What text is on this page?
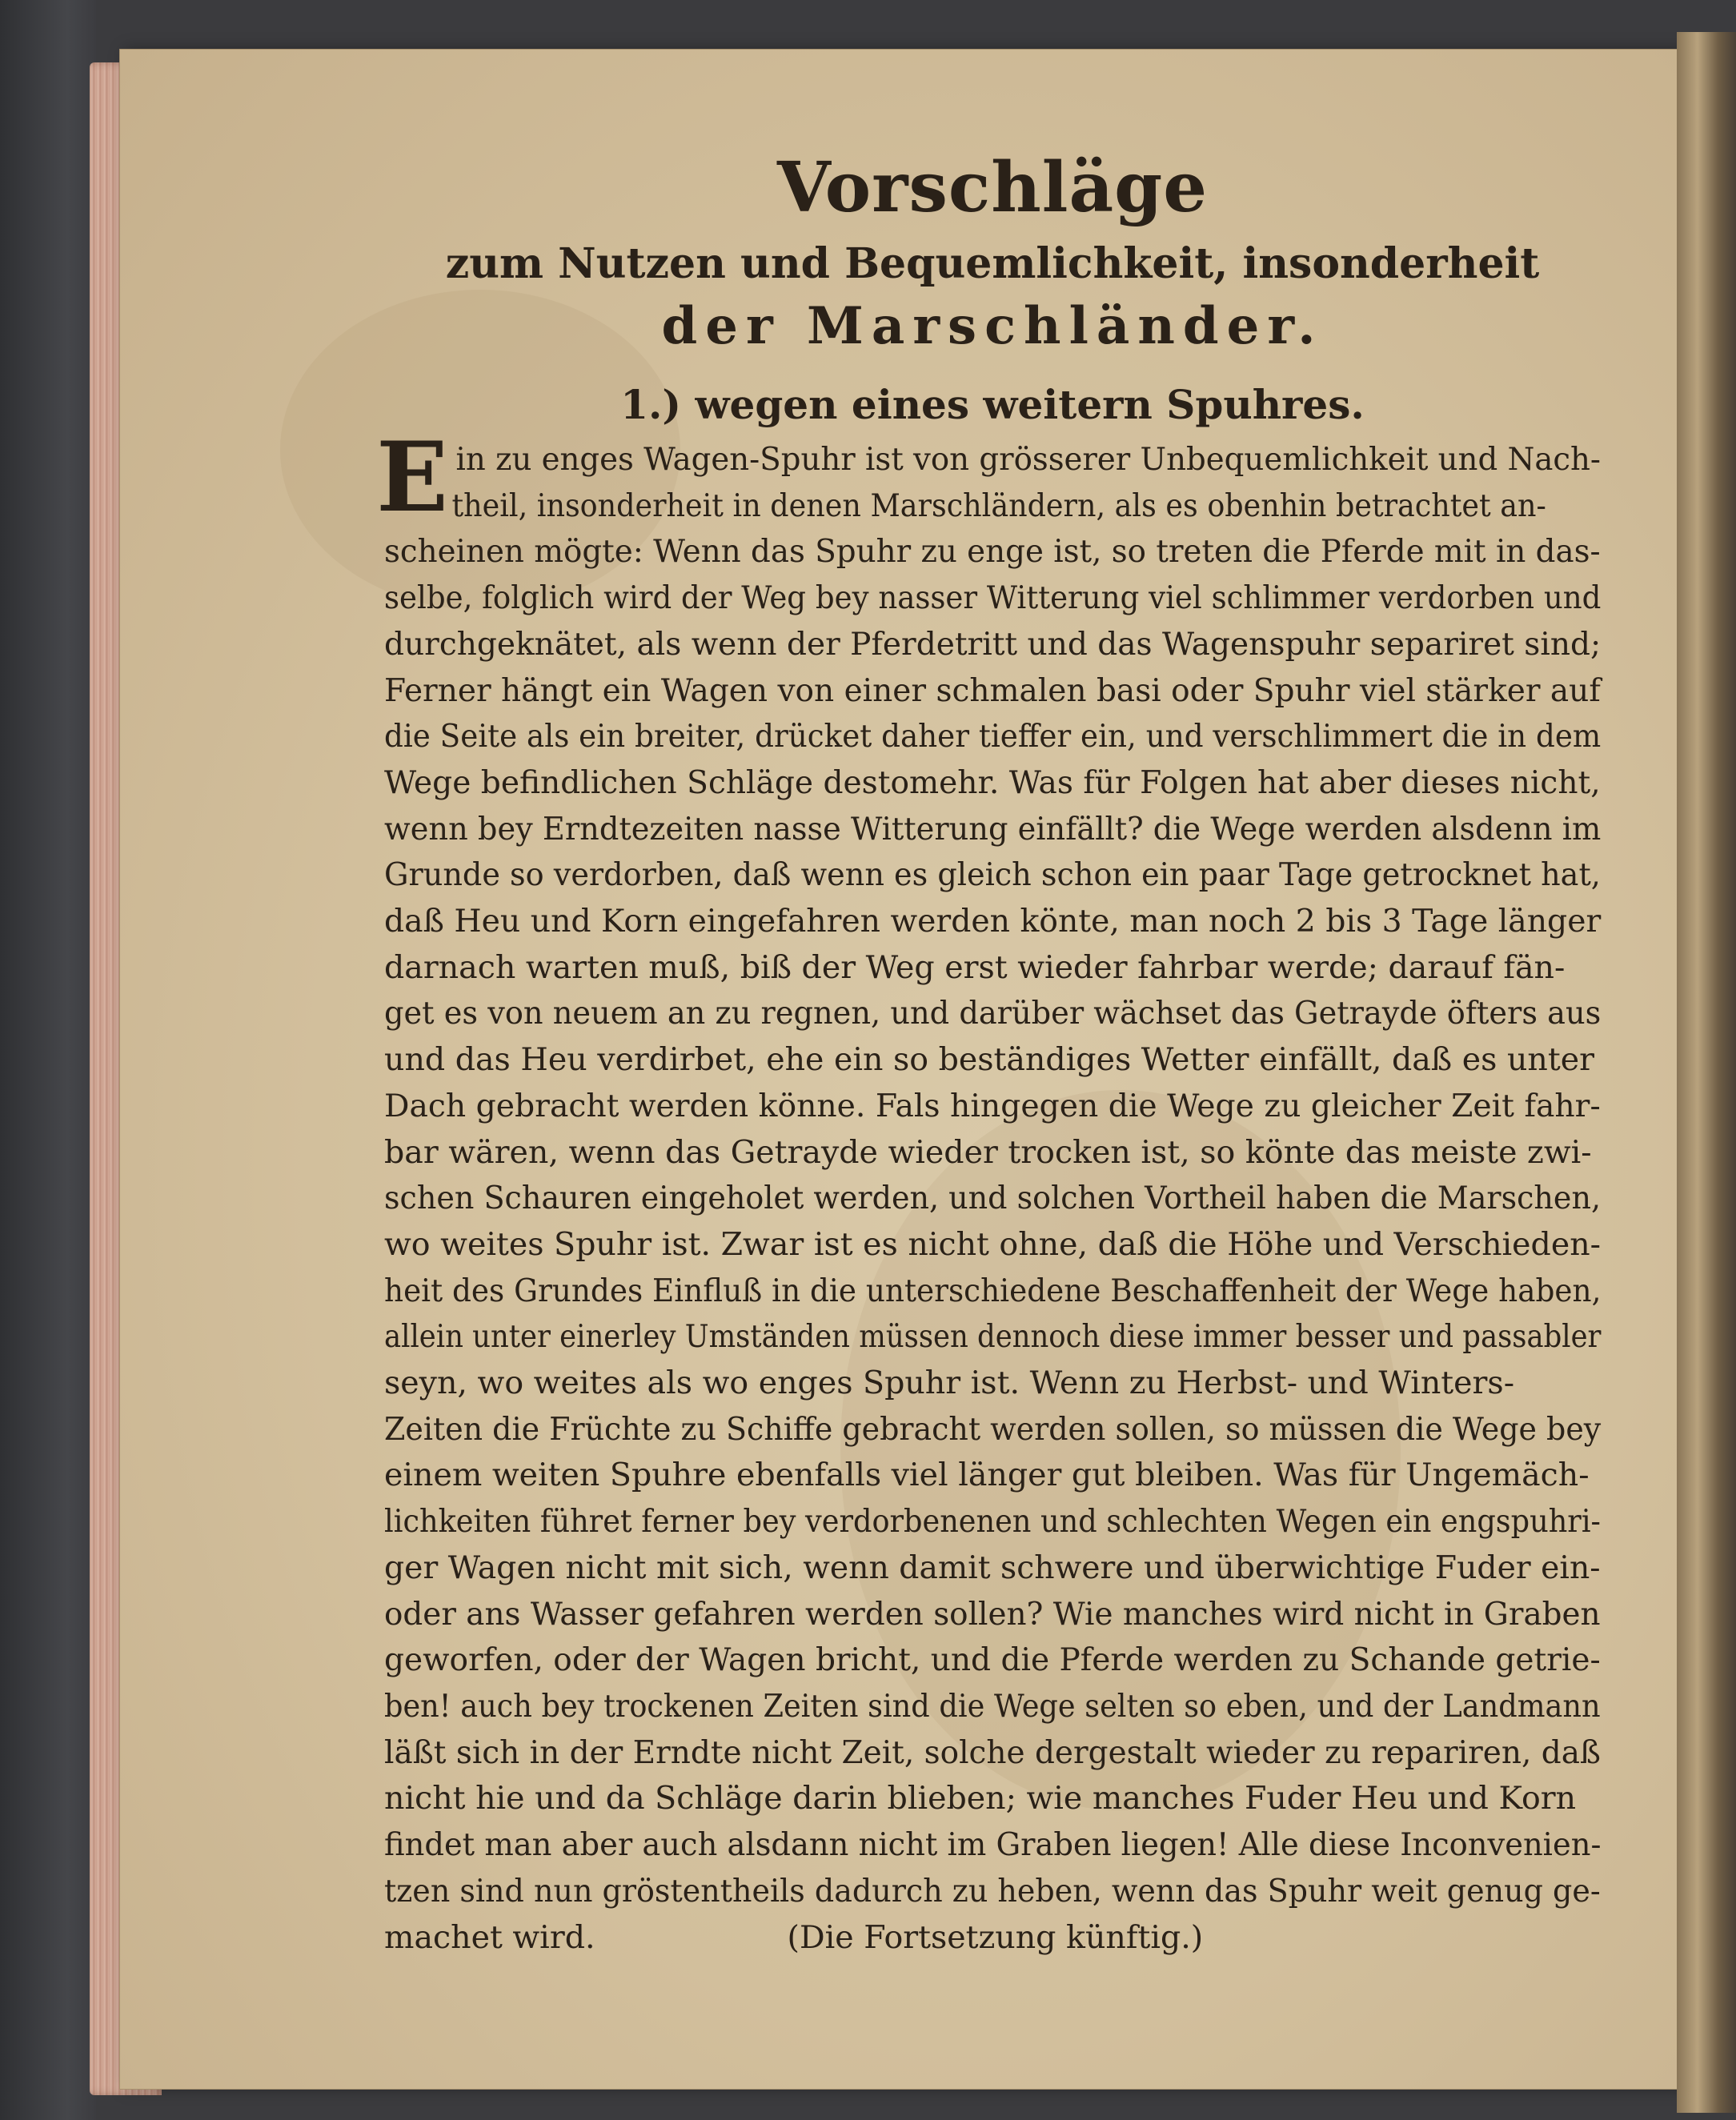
Vorschläge
zum Nutzen und Bequemlichkeit, insonderheit
der Marschländer.
1.) wegen eines weitern Spuhres.
E in zu enges Wagen-Spuhr ist von grösserer Unbequemlichkeit und Nach-
theil, insonderheit in denen Marschländern, als es obenhin betrachtet an-
scheinen mögte: Wenn das Spuhr zu enge ist, so treten die Pferde mit in das-
selbe, folglich wird der Weg bey nasser Witterung viel schlimmer verdorben und
durchgeknätet, als wenn der Pferdetritt und das Wagenspuhr separiret sind;
Ferner hängt ein Wagen von einer schmalen basi oder Spuhr viel stärker auf
die Seite als ein breiter, drücket daher tieffer ein, und verschlimmert die in dem
Wege befindlichen Schläge destomehr. Was für Folgen hat aber dieses nicht,
wenn bey Erndtezeiten nasse Witterung einfällt? die Wege werden alsdenn im
Grunde so verdorben, daß wenn es gleich schon ein paar Tage getrocknet hat,
daß Heu und Korn eingefahren werden könte, man noch 2 bis 3 Tage länger
darnach warten muß, biß der Weg erst wieder fahrbar werde; darauf fän-
get es von neuem an zu regnen, und darüber wächset das Getrayde öfters aus
und das Heu verdirbet, ehe ein so beständiges Wetter einfällt, daß es unter
Dach gebracht werden könne. Fals hingegen die Wege zu gleicher Zeit fahr-
bar wären, wenn das Getrayde wieder trocken ist, so könte das meiste zwi-
schen Schauren eingeholet werden, und solchen Vortheil haben die Marschen,
wo weites Spuhr ist. Zwar ist es nicht ohne, daß die Höhe und Verschieden-
heit des Grundes Einfluß in die unterschiedene Beschaffenheit der Wege haben,
allein unter einerley Umständen müssen dennoch diese immer besser und passabler
seyn, wo weites als wo enges Spuhr ist. Wenn zu Herbst- und Winters-
Zeiten die Früchte zu Schiffe gebracht werden sollen, so müssen die Wege bey
einem weiten Spuhre ebenfalls viel länger gut bleiben. Was für Ungemäch-
lichkeiten führet ferner bey verdorbenenen und schlechten Wegen ein engspuhri-
ger Wagen nicht mit sich, wenn damit schwere und überwichtige Fuder ein-
oder ans Wasser gefahren werden sollen? Wie manches wird nicht in Graben
geworfen, oder der Wagen bricht, und die Pferde werden zu Schande getrie-
ben! auch bey trockenen Zeiten sind die Wege selten so eben, und der Landmann
läßt sich in der Erndte nicht Zeit, solche dergestalt wieder zu repariren, daß
nicht hie und da Schläge darin blieben; wie manches Fuder Heu und Korn
findet man aber auch alsdann nicht im Graben liegen! Alle diese Inconvenien-
tzen sind nun gröstentheils dadurch zu heben, wenn das Spuhr weit genug ge-
machet wird.	(Die Fortsetzung künftig.)
